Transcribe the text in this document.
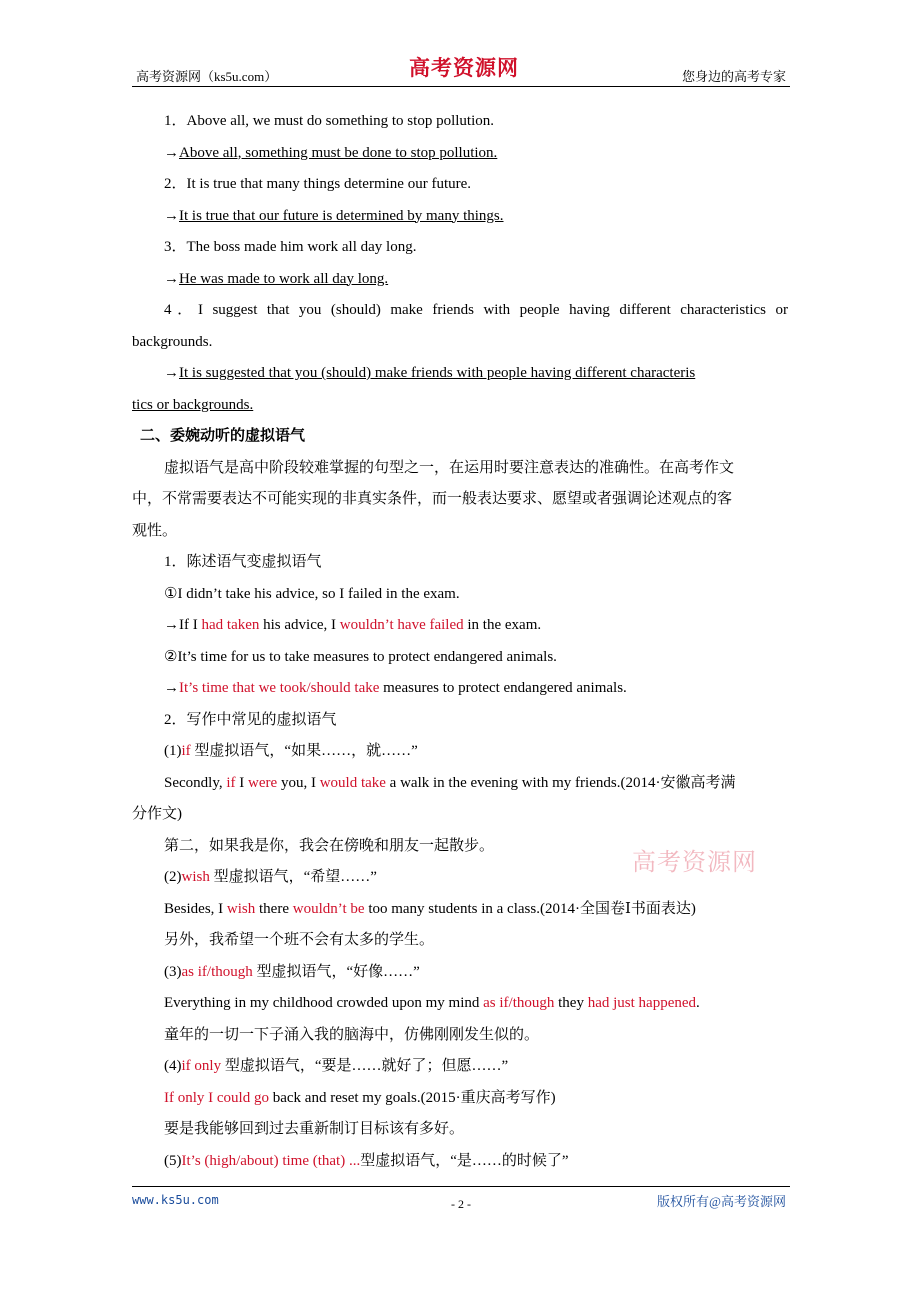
高考资源网（ks5u.com）	高考资源网	您身边的高考专家
1．Above all, we must do something to stop pollution.
→Above all, something must be done to stop pollution.
2．It is true that many things determine our future.
→It is true that our future is determined by many things.
3．The boss made him work all day long.
→He was made to work all day long.
4．I suggest that you (should) make friends with people having different characteristics or
backgrounds.
→It is suggested that you (should) make friends with people having different characteris
tics or backgrounds.
二、委婉动听的虚拟语气
虚拟语气是高中阶段较难掌握的句型之一，在运用时要注意表达的准确性。在高考作文
中，不常需要表达不可能实现的非真实条件，而一般表达要求、愿望或者强调论述观点的客
观性。
1．陈述语气变虚拟语气
①I didn’t take his advice, so I failed in the exam.
→If I had taken his advice, I wouldn’t have failed in the exam.
②It’s time for us to take measures to protect endangered animals.
→It’s time that we took/should take measures to protect endangered animals.
2．写作中常见的虚拟语气
(1)if 型虚拟语气，“如果……，就……”
Secondly, if I were you, I would take a walk in the evening with my friends.(2014·安徽高考满
分作文)
第二，如果我是你，我会在傍晚和朋友一起散步。
(2)wish 型虚拟语气，“希望……”
Besides, I wish there wouldn’t be too many students in a class.(2014·全国卷Ⅰ书面表达)
另外，我希望一个班不会有太多的学生。
(3)as if/though 型虚拟语气，“好像……”
Everything in my childhood crowded upon my mind as if/though they had just happened.
童年的一切一下子涌入我的脑海中，仿佛刚刚发生似的。
(4)if only 型虚拟语气，“要是……就好了；但愿……”
If only I could go back and reset my goals.(2015·重庆高考写作)
要是我能够回到过去重新制订目标该有多好。
(5)It’s (high/about) time (that) ...型虚拟语气，“是……的时候了”
高考资源网
www.ks5u.com	- 2 -	版权所有@高考资源网
